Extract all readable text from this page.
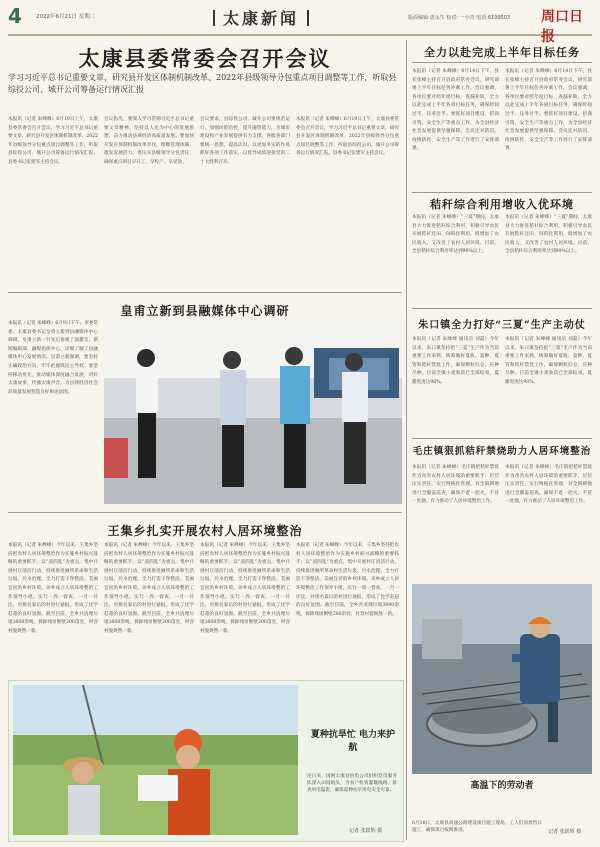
4	2022年6月21日 星期二	太康新闻	版面编辑:唐永生 校对: 一小青 电话:6199503 周口日报
太康县委常委会召开会议
学习习近平总书记重要文章，研究县开发区体制机制改革、2022年县级领导分包重点项目调整等工作，听取县综投公司、城开公司筹备运行情况汇报
本报讯（记者 朱峰峰）6月19日上午，太康县委常委会召开会议，学习习近平总书记重要文章，研究县开发区体制机制改革、2022年县级领导分包重点项目调整等工作，听取县综投公司、城开公司筹备运行情况汇报。县委书记张建军主持会议。
会议指出，要深入学习贯彻习近平总书记重要文章精神，坚持以人民为中心的发展思想，奋力推动县域经济高质量发展。要加快开发区体制机制改革步伐，理顺管理体制，激发发展活力。要压实县级领导分包责任，确保重点项目早开工、早投产、早见效。
会议要求，县综投公司、城开公司要规范运行，加强风险防控，提升融资能力，为城市建设和产业发展提供有力支撑。各级各部门要统一思想、提高认识，以更加务实的作风抓好各项工作落实，以优异成绩迎接党的二十大胜利召开。
本报讯（记者 朱峰峰）6月19日上午，太康县委常委会召开会议，学习习近平总书记重要文章，研究县开发区体制机制改革、2022年县级领导分包重点项目调整等工作，听取县综投公司、城开公司筹备运行情况汇报。县委书记张建军主持会议。
全力以赴完成上半年目标任务
本报讯（记者 朱峰峰）6月14日下午，县长张峰主持召开县政府常务会议，研究部署上半年目标任务冲刺工作。会议强调，各单位要对照年度目标，查漏补缺，全力以赴完成上半年各项目标任务，确保时间过半、任务过半。要抓好项目建设、招商引资、安全生产等重点工作，为全县经济社会发展提供坚强保障。会议还对防汛、疫情防控、安全生产等工作进行了安排部署。
本报讯（记者 朱峰峰）6月14日下午，县长张峰主持召开县政府常务会议，研究部署上半年目标任务冲刺工作。会议强调，各单位要对照年度目标，查漏补缺，全力以赴完成上半年各项目标任务，确保时间过半、任务过半。要抓好项目建设、招商引资、安全生产等重点工作，为全县经济社会发展提供坚强保障。会议还对防汛、疫情防控、安全生产等工作进行了安排部署。
秸秆综合利用增收入优环境
本报讯（记者 朱峰峰）“三夏”期间，太康县大力推进秸秆综合利用，积极引导农民开展秸秆还田、饲料化利用，既增加了农民收入，又改善了农村人居环境。目前，全县秸秆综合利用率达到90%以上。
本报讯（记者 朱峰峰）“三夏”期间，太康县大力推进秸秆综合利用，积极引导农民开展秸秆还田、饲料化利用，既增加了农民收入，又改善了农村人居环境。目前，全县秸秆综合利用率达到90%以上。
朱口镇全力打好“三夏”生产主动仗
本报讯（记者 朱峰峰 通讯员 刘磊）今年以来，朱口镇坚持把“三夏”生产作为当前重要工作来抓，统筹做好夏收、夏种、夏管和秸秆禁烧工作，确保颗粒归仓、应种尽种。目前全镇小麦收获已全部结束，夏播进度达98%。
本报讯（记者 朱峰峰 通讯员 刘磊）今年以来，朱口镇坚持把“三夏”生产作为当前重要工作来抓，统筹做好夏收、夏种、夏管和秸秆禁烧工作，确保颗粒归仓、应种尽种。目前全镇小麦收获已全部结束，夏播进度达98%。
毛庄镇狠抓秸秆禁烧助力人居环境整治
本报讯（记者 朱峰峰）毛庄镇把秸秆禁烧作为改善农村人居环境的重要抓手，层层压实责任，实行网格化管理，对全镇耕地进行全覆盖巡查，确保不着一把火、不冒一处烟，有力推动了人居环境整治工作。
本报讯（记者 朱峰峰）毛庄镇把秸秆禁烧作为改善农村人居环境的重要抓手，层层压实责任，实行网格化管理，对全镇耕地进行全覆盖巡查，确保不着一把火、不冒一处烟，有力推动了人居环境整治工作。
高温下的劳动者
6月18日，太康县高速公路建设项目施工现场，工人们顶着烈日施工，确保项目按期推进。	记者 张跃辉 摄
皇甫立新到县融媒体中心调研
本报讯（记者 朱峰峰）6月9日下午，市委常委、太康县委书记皇甫立新到县融媒体中心调研。皇甫立新一行先后参观了演播室、新闻编辑部、融媒指挥中心，详细了解了县融媒体中心发展情况。皇甫立新强调，要坚持正确政治方向，牢牢把握舆论主导权；要坚持移动优先，推动媒体深度融合发展，讲好太康故事，传播太康声音，为县域经济社会高质量发展营造良好舆论氛围。
王集乡扎实开展农村人居环境整治
本报讯（记者 朱峰峰）今年以来，王集乡坚持把农村人居环境整治作为实施乡村振兴战略的重要抓手，以“清四乱”为重点，集中开展村庄清洁行动，持续推进厕所革命和生活垃圾、污水治理，全力打造干净整洁、美丽宜居的乡村环境。该乡成立人居环境整治工作领导小组，实行一周一督查、一月一评比，对排名靠后的村进行通报，形成了比学赶超的良好氛围。截至目前，全乡共清理垃圾3000余吨，拆除残垣断壁200余处，村容村貌焕然一新。
本报讯（记者 朱峰峰）今年以来，王集乡坚持把农村人居环境整治作为实施乡村振兴战略的重要抓手，以“清四乱”为重点，集中开展村庄清洁行动，持续推进厕所革命和生活垃圾、污水治理，全力打造干净整洁、美丽宜居的乡村环境。该乡成立人居环境整治工作领导小组，实行一周一督查、一月一评比，对排名靠后的村进行通报，形成了比学赶超的良好氛围。截至目前，全乡共清理垃圾3000余吨，拆除残垣断壁200余处，村容村貌焕然一新。
本报讯（记者 朱峰峰）今年以来，王集乡坚持把农村人居环境整治作为实施乡村振兴战略的重要抓手，以“清四乱”为重点，集中开展村庄清洁行动，持续推进厕所革命和生活垃圾、污水治理，全力打造干净整洁、美丽宜居的乡村环境。该乡成立人居环境整治工作领导小组，实行一周一督查、一月一评比，对排名靠后的村进行通报，形成了比学赶超的良好氛围。截至目前，全乡共清理垃圾3000余吨，拆除残垣断壁200余处，村容村貌焕然一新。
本报讯（记者 朱峰峰）今年以来，王集乡坚持把农村人居环境整治作为实施乡村振兴战略的重要抓手，以“清四乱”为重点，集中开展村庄清洁行动，持续推进厕所革命和生活垃圾、污水治理，全力打造干净整洁、美丽宜居的乡村环境。该乡成立人居环境整治工作领导小组，实行一周一督查、一月一评比，对排名靠后的村进行通报，形成了比学赶超的良好氛围。截至目前，全乡共清理垃圾3000余吨，拆除残垣断壁200余处，村容村貌焕然一新。
夏种抗旱忙 电力来护航
连日来，国网太康县供电公司组织党员服务队深入田间地头，为农户检查灌溉线路、排查用电隐患，确保夏种抗旱用电安全可靠。
记者 张跃辉 摄
